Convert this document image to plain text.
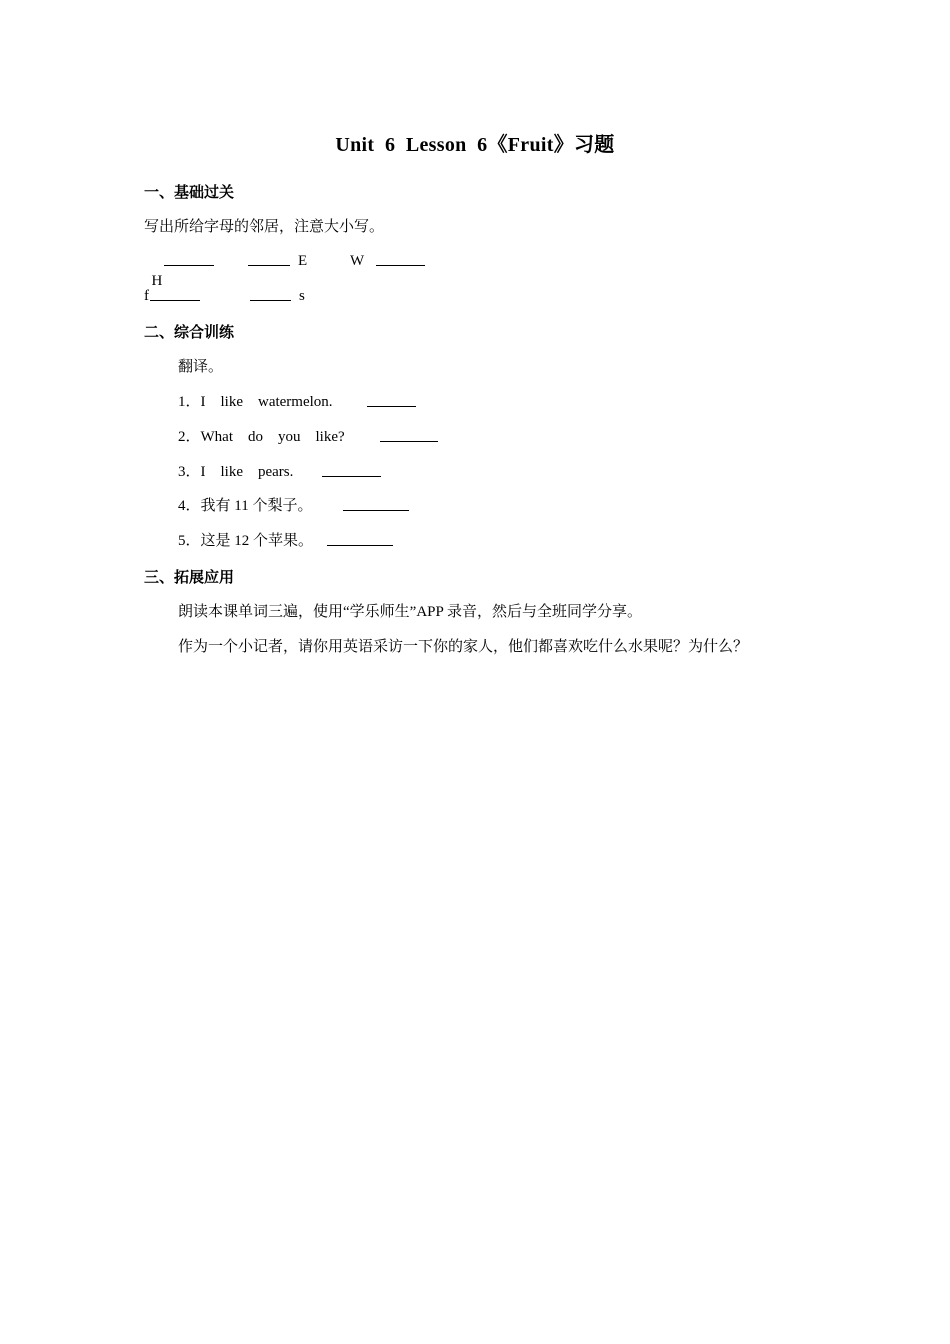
Unit  6  Lesson  6《Fruit》习题
一、基础过关
写出所给字母的邻居，注意大小写。

H

E	W
f	s
二、综合训练
翻译。
1．I    like    watermelon.
2．What    do    you    like?
3．I    like    pears.
4．我有 11 个梨子。
5．这是 12 个苹果。
三、拓展应用
朗读本课单词三遍，使用“学乐师生”APP 录音，然后与全班同学分享。
作为一个小记者，请你用英语采访一下你的家人，他们都喜欢吃什么水果呢？为什么？
